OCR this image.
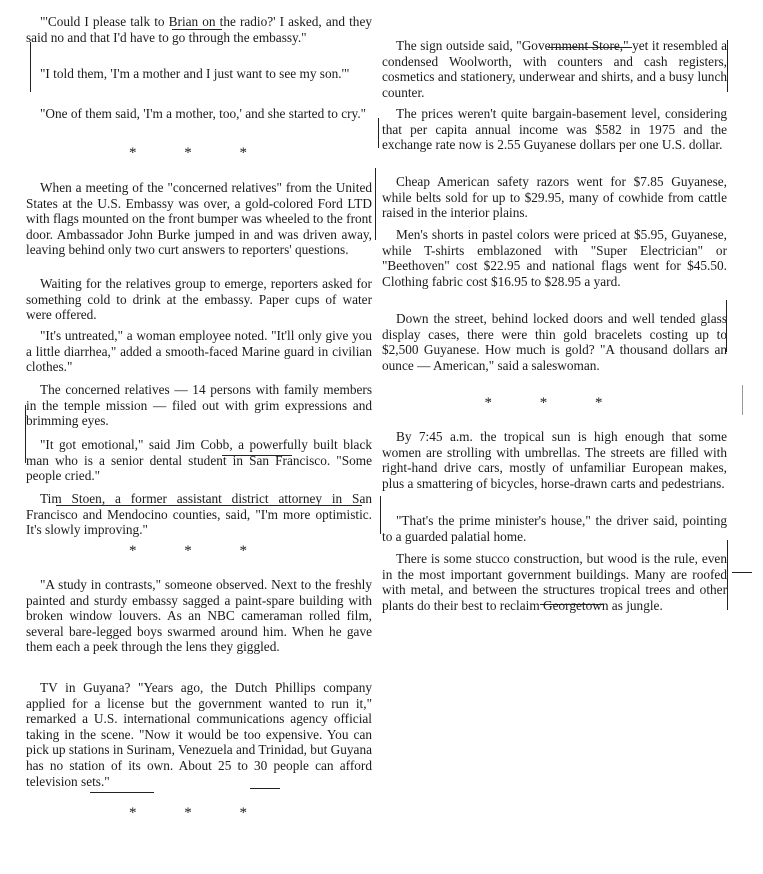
"'Could I please talk to Brian on the radio?' I asked, and they said no and that I'd have to go through the embassy."

"I told them, 'I'm a mother and I just want to see my son.'"

"One of them said, 'I'm a mother, too,' and she started to cry."

* * *

When a meeting of the "concerned relatives" from the United States at the U.S. Embassy was over, a gold-colored Ford LTD with flags mounted on the front bumper was wheeled to the front door. Ambassador John Burke jumped in and was driven away, leaving behind only two curt answers to reporters' questions.

Waiting for the relatives group to emerge, reporters asked for something cold to drink at the embassy. Paper cups of water were offered.

"It's untreated," a woman employee noted. "It'll only give you a little diarrhea," added a smooth-faced Marine guard in civilian clothes."

The concerned relatives — 14 persons with family members in the temple mission — filed out with grim expressions and brimming eyes.

"It got emotional," said Jim Cobb, a powerfully built black man who is a senior dental student in San Francisco. "Some people cried."

Tim Stoen, a former assistant district attorney in San Francisco and Mendocino counties, said, "I'm more optimistic. It's slowly improving."

* * *

"A study in contrasts," someone observed. Next to the freshly painted and sturdy embassy sagged a paint-spare building with broken window louvers. As an NBC cameraman rolled film, several bare-legged boys swarmed around him. When he gave them each a peek through the lens they giggled.

TV in Guyana? "Years ago, the Dutch Phillips company applied for a license but the government wanted to run it," remarked a U.S. international communications agency official taking in the scene. "Now it would be too expensive. You can pick up stations in Surinam, Venezuela and Trinidad, but Guyana has no station of its own. About 25 to 30 people can afford television sets."

* * *

The sign outside said, "Government Store," yet it resembled a condensed Woolworth, with counters and cash registers, cosmetics and stationery, underwear and shirts, and a busy lunch counter.

The prices weren't quite bargain-basement level, considering that per capita annual income was $582 in 1975 and the exchange rate now is 2.55 Guyanese dollars per one U.S. dollar.

Cheap American safety razors went for $7.85 Guyanese, while belts sold for up to $29.95, many of cowhide from cattle raised in the interior plains.

Men's shorts in pastel colors were priced at $5.95, Guyanese, while T-shirts emblazoned with "Super Electrician" or "Beethoven" cost $22.95 and national flags went for $45.50. Clothing fabric cost $16.95 to $28.95 a yard.

Down the street, behind locked doors and well tended glass display cases, there were thin gold bracelets costing up to $2,500 Guyanese. How much is gold? "A thousand dollars an ounce — American," said a saleswoman.

* * *

By 7:45 a.m. the tropical sun is high enough that some women are strolling with umbrellas. The streets are filled with right-hand drive cars, mostly of unfamiliar European makes, plus a smattering of bicycles, horse-drawn carts and pedestrians.

"That's the prime minister's house," the driver said, pointing to a guarded palatial home.

There is some stucco construction, but wood is the rule, even in the most important government buildings. Many are roofed with metal, and between the structures tropical trees and other plants do their best to reclaim Georgetown as jungle.
